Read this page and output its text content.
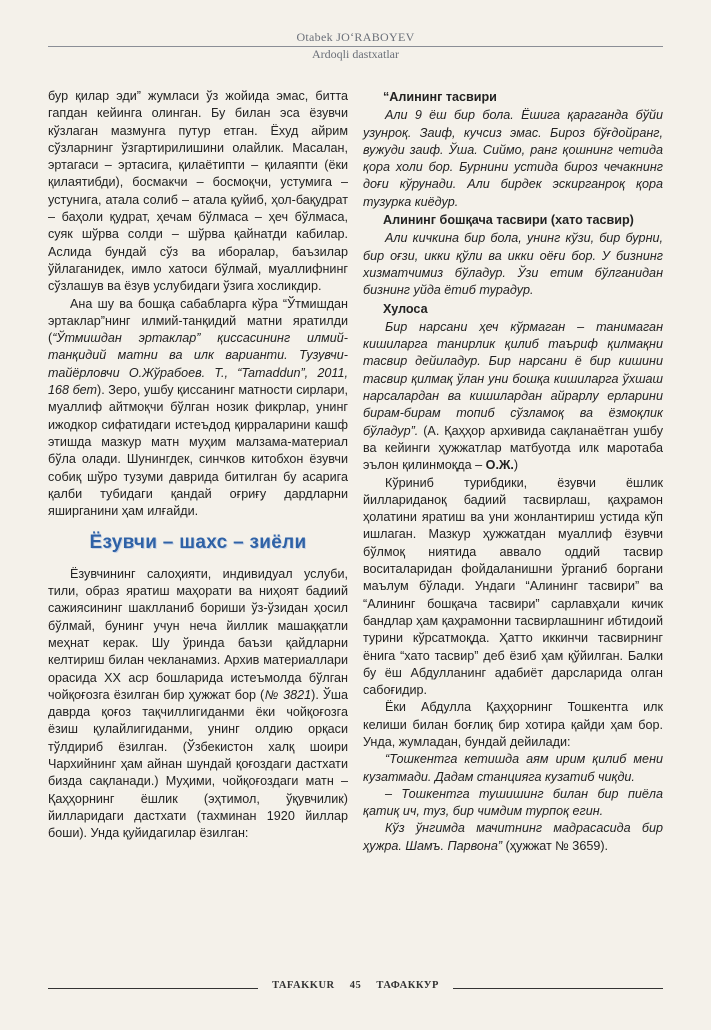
Otabek JO‘RABOYEV
Ardoqli dastxatlar

бур қилар эди” жумласи ўз жойида эмас, битта гапдан кейинга олинган. Бу билан эса ёзувчи кўзлаган мазмунга путур етган. Ёхуд айрим сўзларнинг ўзгартирилишини олайлик. Масалан, эртагаси – эртасига, қилаётипти – қилаяпти (ёки қилаятибди), босмакчи – босмоқчи, устумига – устунига, атала солиб – атала қуйиб, ҳол-бақудрат – баҳоли қудрат, ҳечам бўлмаса – ҳеч бўлмаса, суяк шўрва солди – шўрва қайнатди кабилар. Аслида бундай сўз ва иборалар, баъзилар ўйлаганидек, имло хатоси бўлмай, муаллифнинг сўзлашув ва ёзув услубидаги ўзига хосликдир.

Ана шу ва бошқа сабабларга кўра “Ўтмишдан эртаклар”нинг илмий-танқидий матни яратилди (“Ўтмишдан эртаклар” қиссасининг илмий-танқидий матни ва илк варианти. Тузувчи-тайёрловчи О.Жўрабоев. Т., “Tamaddun”, 2011, 168 бет). Зеро, ушбу қиссанинг матности сирлари, муаллиф айтмоқчи бўлган нозик фикрлар, унинг ижодкор сифатидаги истеъдод қирраларини кашф этишда мазкур матн муҳим малзама-материал бўла олади. Шунингдек, синчков китобхон ёзувчи собиқ шўро тузуми даврида битилган бу асарига қалби тубидаги қандай оғриғу дардларни яширганини ҳам илғайди.

Ёзувчи – шахс – зиёли

Ёзувчининг салоҳияти, индивидуал услуби, тили, образ яратиш маҳорати ва ниҳоят бадиий сажиясининг шаклланиб бориши ўз-ўзидан ҳосил бўлмай, бунинг учун неча йиллик машаққатли меҳнат керак. Шу ўринда баъзи қайдларни келтириш билан чекланамиз. Архив материаллари орасида XX аср бошларида истеъмолда бўлган чойқоғозга ёзилган бир ҳужжат бор (№ 3821). Ўша даврда қоғоз тақчиллигиданми ёки чойқоғозга ёзиш қулайлигиданми, унинг олдию орқаси тўлдириб ёзилган. (Ўзбекистон халқ шоири Чархийнинг ҳам айнан шундай қоғоздаги дастхати бизда сақланади.) Муҳими, чойқоғоздаги матн – Қаҳҳорнинг ёшлик (эҳтимол, ўқувчилик) йилларидаги дастхати (тахминан 1920 йиллар боши). Унда қуйидагилар ёзилган:

“Алининг тасвири

Али 9 ёш бир бола. Ёшига қараганда бўйи узунроқ. Заиф, кучсиз эмас. Бироз бўғдойранг, вужуди заиф. Ўша. Сиймо, ранг қошнинг четида қора холи бор. Бурнини устида бироз чечакнинг доғи кўрунади. Али бирдек эскирганроқ қора тузурка киёдур.

Алининг бошқача тасвири (хато тасвир)

Али кичкина бир бола, унинг кўзи, бир бурни, бир оғзи, икки қўли ва икки оёғи бор. У бизнинг хизматчимиз бўладур. Ўзи етим бўлганидан бизнинг уйда ётиб турадур.

Хулоса

Бир нарсани ҳеч кўрмаган – танимаган кишиларга танирлик қилиб таъриф қилмақни тасвир дейиладур. Бир нарсани ё бир кишини тасвир қилмақ ўлан уни бошқа кишиларга ўхшаш нарсалардан ва кишилардан айрарлу ерларини бирам-бирам топиб сўзламоқ ва ёзмоқлик бўладур”. (А. Қаҳҳор архивида сақланаётган ушбу ва кейинги ҳужжатлар матбуотда илк маротаба эълон қилинмоқда – О.Ж.)

Кўриниб турибдики, ёзувчи ёшлик йиллариданоқ бадиий тасвирлаш, қаҳрамон ҳолатини яратиш ва уни жонлантириш устида кўп ишлаган. Мазкур ҳужжатдан муаллиф ёзувчи бўлмоқ ниятида аввало оддий тасвир воситаларидан фойдаланишни ўрганиб боргани маълум бўлади. Ундаги “Алининг тасвири” ва “Алининг бошқача тасвири” сарлавҳали кичик бандлар ҳам қаҳрамонни тасвирлашнинг ибтидоий турини кўрсатмоқда. Ҳатто иккинчи тасвирнинг ёнига “хато тасвир” деб ёзиб ҳам қўйилган. Балки бу ёш Абдулланинг адабиёт дарсларида олган сабоғидир.

Ёки Абдулла Қаҳҳорнинг Тошкентга илк келиши билан боғлиқ бир хотира қайди ҳам бор. Унда, жумладан, бундай дейилади:

“Тошкентга кетишда аям ирим қилиб мени кузатмади. Дадам станцияга кузатиб чиқди.

– Тошкентга тушишинг билан бир пиёла қатиқ ич, туз, бир чимдим турпоқ егин.

Кўз ўнгимда мачитнинг мадрасасида бир ҳужра. Шамъ. Парвона” (ҳужжат № 3659).

TAFAKKUR 45 ТАФАККУР
